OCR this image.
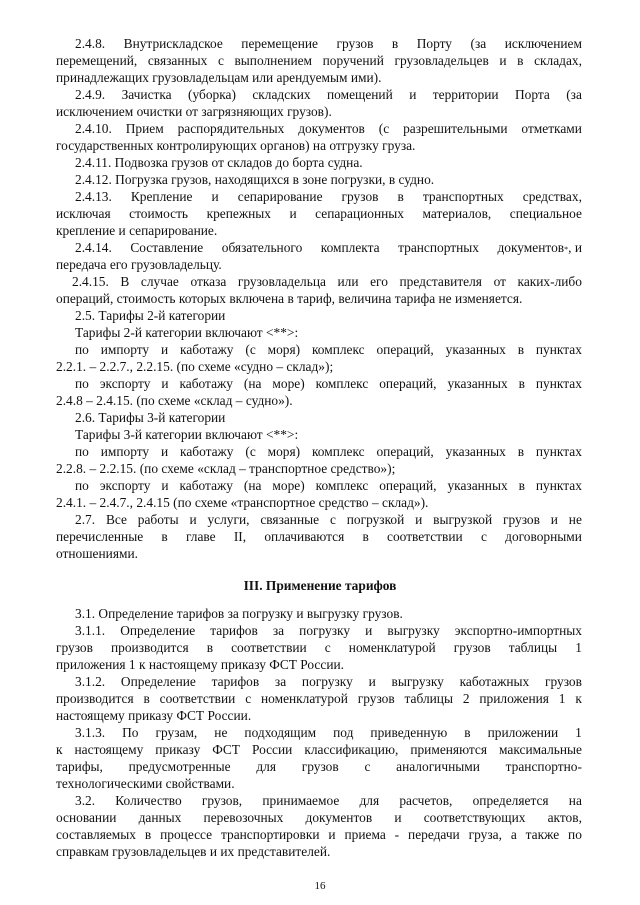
2.4.8. Внутрискладское перемещение грузов в Порту (за исключением
перемещений, связанных с выполнением поручений грузовладельцев и в складах,
принадлежащих грузовладельцам или арендуемым ими).
2.4.9. Зачистка (уборка) складских помещений и территории Порта (за
исключением очистки от загрязняющих грузов).
2.4.10. Прием распорядительных документов (с разрешительными отметками
государственных контролирующих органов) на отгрузку груза.
2.4.11. Подвозка грузов от складов до борта судна.
2.4.12. Погрузка грузов, находящихся в зоне погрузки, в судно.
2.4.13. Крепление и сепарирование грузов в транспортных средствах,
исключая стоимость крепежных и сепарационных материалов, специальное
крепление и сепарирование.
2.4.14. Составление обязательного комплекта транспортных документов * , и
передача его грузовладельцу.
2.4.15. В случае отказа грузовладельца или его представителя от каких-либо
операций, стоимость которых включена в тариф, величина тарифа не изменяется.
2.5. Тарифы 2-й категории
Тарифы 2-й категории включают <**>:
по импорту и каботажу (с моря) комплекс операций, указанных в пунктах
2.2.1. – 2.2.7., 2.2.15. (по схеме «судно – склад»);
по экспорту и каботажу (на море) комплекс операций, указанных в пунктах
2.4.8 – 2.4.15. (по схеме «склад – судно»).
2.6. Тарифы 3-й категории
Тарифы 3-й категории включают <**>:
по импорту и каботажу (с моря) комплекс операций, указанных в пунктах
2.2.8. – 2.2.15. (по схеме «склад – транспортное средство»);
по экспорту и каботажу (на море) комплекс операций, указанных в пунктах
2.4.1. – 2.4.7., 2.4.15 (по схеме «транспортное средство – склад»).
2.7. Все работы и услуги, связанные с погрузкой и выгрузкой грузов и не
перечисленные в главе II, оплачиваются в соответствии с договорными
отношениями.
III. Применение тарифов
3.1. Определение тарифов за погрузку и выгрузку грузов.
3.1.1. Определение тарифов за погрузку и выгрузку экспортно-импортных
грузов производится в соответствии с номенклатурой грузов таблицы 1
приложения 1 к настоящему приказу ФСТ России.
3.1.2. Определение тарифов за погрузку и выгрузку каботажных грузов
производится в соответствии с номенклатурой грузов таблицы 2 приложения 1 к
настоящему приказу ФСТ России.
3.1.3. По грузам, не подходящим под приведенную в приложении 1
к настоящему приказу ФСТ России классификацию, применяются максимальные
тарифы, предусмотренные для грузов с аналогичными транспортно-
технологическими свойствами.
3.2. Количество грузов, принимаемое для расчетов, определяется на
основании данных перевозочных документов и соответствующих актов,
составляемых в процессе транспортировки и приема - передачи груза, а также по
справкам грузовладельцев и их представителей.
16
